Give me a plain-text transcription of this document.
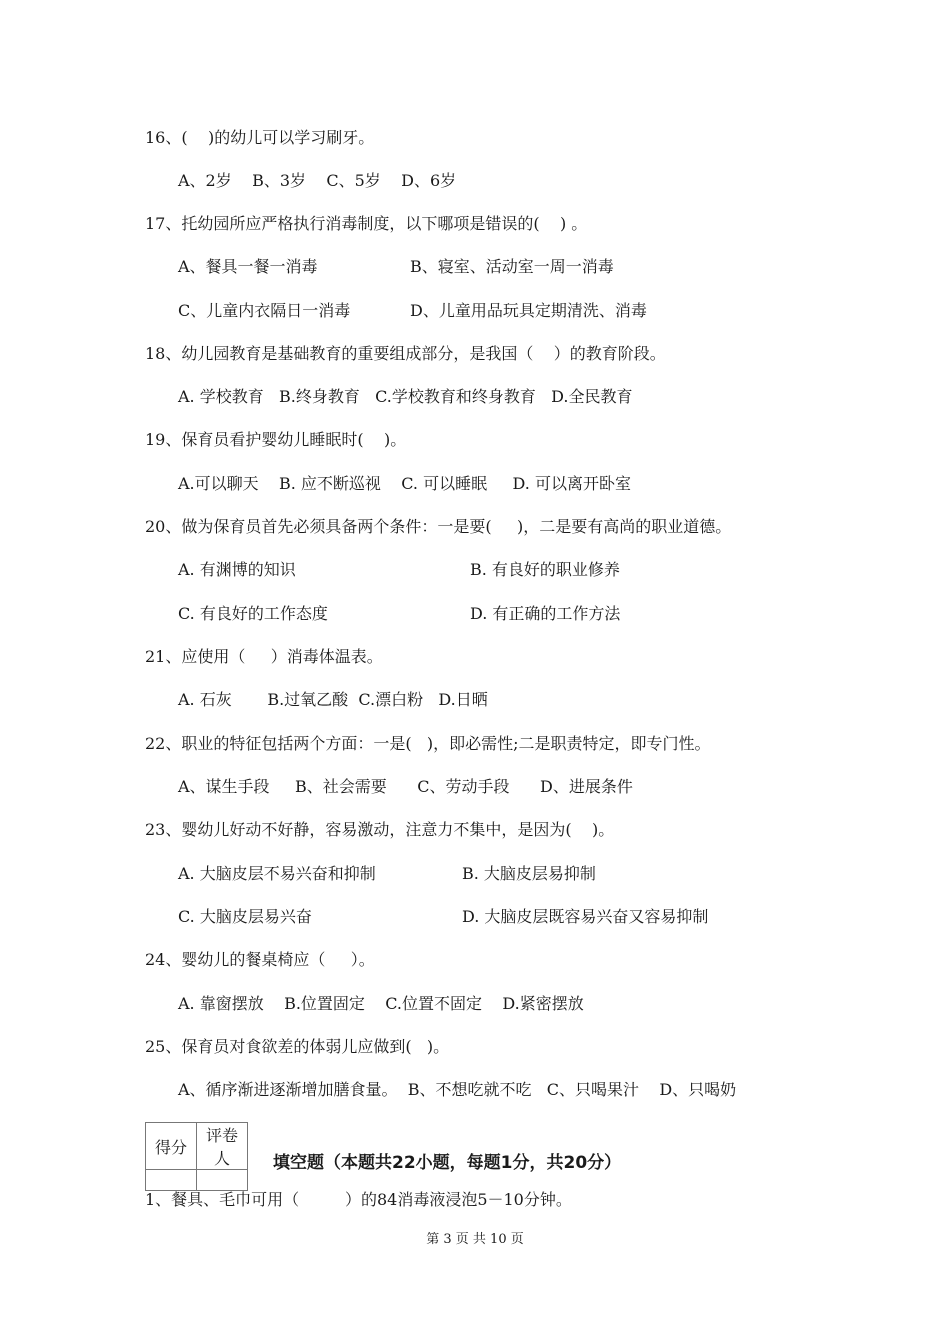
16、(    )的幼儿可以学习刷牙。
A、2岁    B、3岁    C、5岁    D、6岁
17、托幼园所应严格执行消毒制度，以下哪项是错误的(    ) 。
A、餐具一餐一消毒	B、寝室、活动室一周一消毒
C、儿童内衣隔日一消毒	D、儿童用品玩具定期清洗、消毒
18、幼儿园教育是基础教育的重要组成部分，是我国（    ）的教育阶段。
A. 学校教育   B.终身教育   C.学校教育和终身教育   D.全民教育
19、保育员看护婴幼儿睡眠时(    )。
A.可以聊天    B. 应不断巡视    C. 可以睡眠     D. 可以离开卧室
20、做为保育员首先必须具备两个条件：一是要(     )，二是要有高尚的职业道德。
A. 有渊博的知识	B. 有良好的职业修养
C. 有良好的工作态度	D. 有正确的工作方法
21、应使用（     ）消毒体温表。
A. 石灰       B.过氧乙酸  C.漂白粉   D.日晒
22、职业的特征包括两个方面：一是(   )，即必需性;二是职责特定，即专门性。
A、谋生手段     B、社会需要      C、劳动手段      D、进展条件
23、婴幼儿好动不好静，容易激动，注意力不集中，是因为(    )。
A. 大脑皮层不易兴奋和抑制	B. 大脑皮层易抑制
C. 大脑皮层易兴奋	D. 大脑皮层既容易兴奋又容易抑制
24、婴幼儿的餐桌椅应（     ）。
A. 靠窗摆放    B.位置固定    C.位置不固定    D.紧密摆放
25、保育员对食欲差的体弱儿应做到(   )。
A、循序渐进逐渐增加膳食量。  B、不想吃就不吃   C、只喝果汁    D、只喝奶
得分	评卷人
		填空题（本题共22小题，每题1分，共20分）
1、餐具、毛巾可用（         ）的84消毒液浸泡5－10分钟。
第 3 页 共 10 页
